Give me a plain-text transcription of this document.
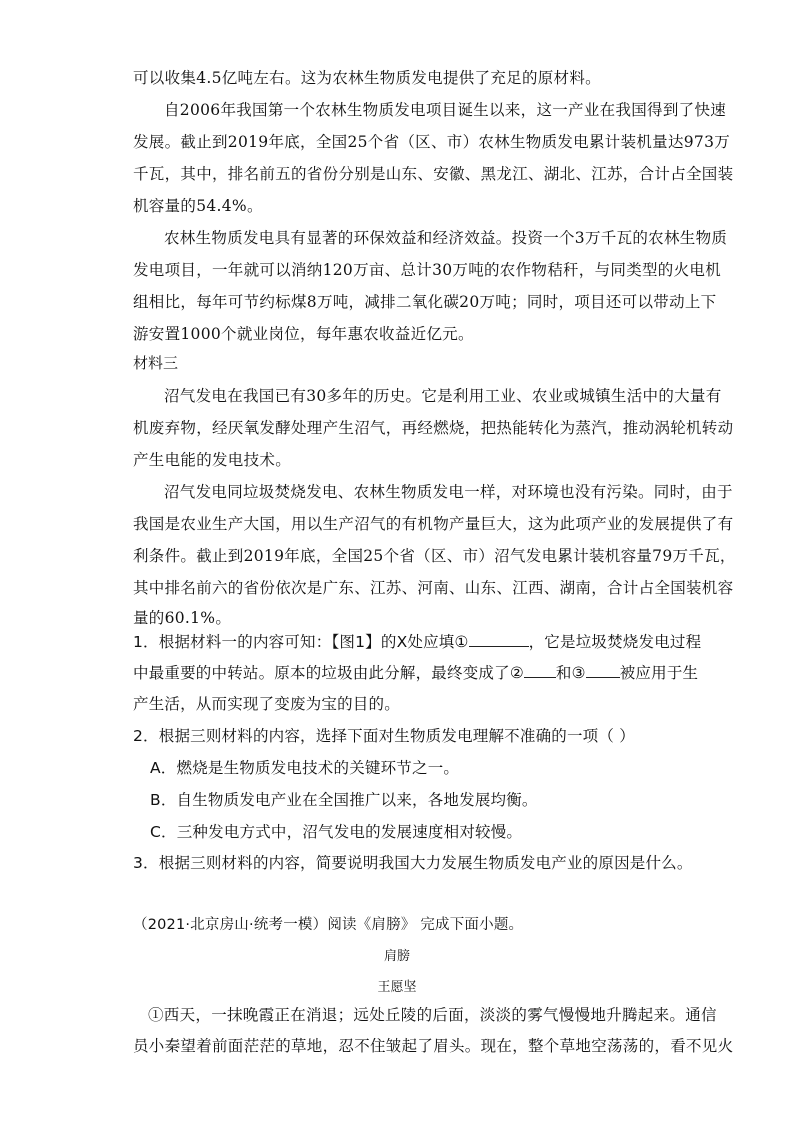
可以收集4.5亿吨左右。这为农林生物质发电提供了充足的原材料。
自2006年我国第一个农林生物质发电项目诞生以来，这一产业在我国得到了快速
发展。截止到2019年底，全国25个省（区、市）农林生物质发电累计装机量达973万
千瓦，其中，排名前五的省份分别是山东、安徽、黑龙江、湖北、江苏，合计占全国装
机容量的54.4%。
农林生物质发电具有显著的环保效益和经济效益。投资一个3万千瓦的农林生物质
发电项目，一年就可以消纳120万亩、总计30万吨的农作物秸秆，与同类型的火电机
组相比，每年可节约标煤8万吨，减排二氧化碳20万吨；同时，项目还可以带动上下
游安置1000个就业岗位，每年惠农收益近亿元。
材料三
沼气发电在我国已有30多年的历史。它是利用工业、农业或城镇生活中的大量有
机废弃物，经厌氧发酵处理产生沼气，再经燃烧，把热能转化为蒸汽，推动涡轮机转动
产生电能的发电技术。
沼气发电同垃圾焚烧发电、农林生物质发电一样，对环境也没有污染。同时，由于
我国是农业生产大国，用以生产沼气的有机物产量巨大，这为此项产业的发展提供了有
利条件。截止到2019年底，全国25个省（区、市）沼气发电累计装机容量79万千瓦，
其中排名前六的省份依次是广东、江苏、河南、山东、江西、湖南，合计占全国装机容
量的60.1%。
1．根据材料一的内容可知：【图1】的X处应填①	，它是垃圾焚烧发电过程
中最重要的中转站。原本的垃圾由此分解，最终变成了② 和③ 被应用于生
产生活，从而实现了变废为宝的目的。
2．根据三则材料的内容，选择下面对生物质发电理解不准确的一项（ ）
A．燃烧是生物质发电技术的关键环节之一。
B．自生物质发电产业在全国推广以来，各地发展均衡。
C．三种发电方式中，沼气发电的发展速度相对较慢。
3．根据三则材料的内容，简要说明我国大力发展生物质发电产业的原因是什么。
（2021·北京房山·统考一模）阅读《肩膀》 完成下面小题。
肩膀
王愿坚
①西天，一抹晚霞正在消退；远处丘陵的后面，淡淡的雾气慢慢地升腾起来。通信
员小秦望着前面茫茫的草地，忍不住皱起了眉头。现在，整个草地空荡荡的，看不见火
